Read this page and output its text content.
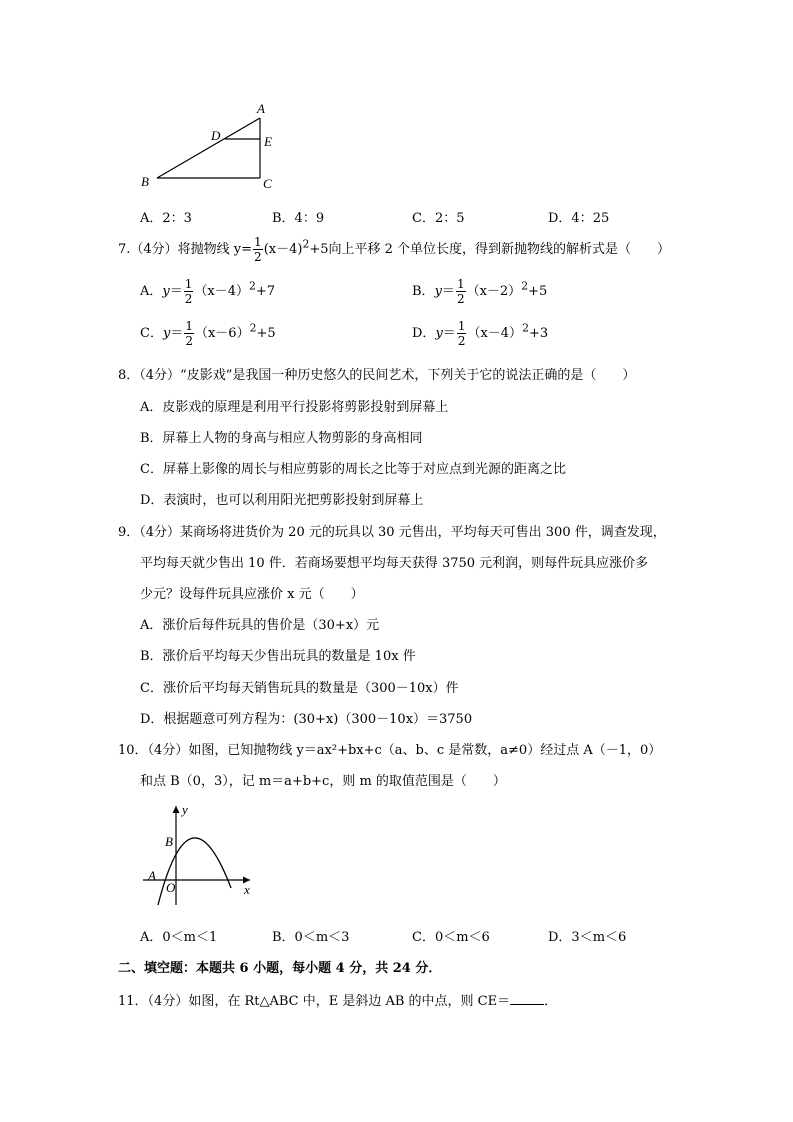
A
D	E
B	C
A．2：3	B．4：9	C．2：5	D．4：25
7.（4分）将抛物线 $y= \frac{1}{2} (x-4)^2+5$向上平移 2 个单位长度，得到新抛物线的解析式是（　　）
A．$y= \frac{1}{2} (x-4)^2+7$	B．$y= \frac{1}{2} (x-2)^2+5$
C．$y= \frac{1}{2} (x-6)^2+5$	D．$y= \frac{1}{2} (x-4)^2+3$
8．（4分）“皮影戏”是我国一种历史悠久的民间艺术，下列关于它的说法正确的是（　　）
A．皮影戏的原理是利用平行投影将剪影投射到屏幕上
B．屏幕上人物的身高与相应人物剪影的身高相同
C．屏幕上影像的周长与相应剪影的周长之比等于对应点到光源的距离之比
D．表演时，也可以利用阳光把剪影投射到屏幕上
9．（4分）某商场将进货价为 20 元的玩具以 30 元售出，平均每天可售出 300 件，调查发现，
平均每天就少售出 10 件．若商场要想平均每天获得 3750 元利润，则每件玩具应涨价多
少元？设每件玩具应涨价 x 元（　　）
A．涨价后每件玩具的售价是（30+x）元
B．涨价后平均每天少售出玩具的数量是 10x 件
C．涨价后平均每天销售玩具的数量是（300－10x）件
D．根据题意可列方程为：(30+x)（300－10x）＝3750
10．（4分）如图，已知抛物线 y＝ax²+bx+c（a、b、c 是常数，a≠0）经过点 A（－1，0）
和点 B（0，3），记 m＝a+b+c，则 m 的取值范围是（　　）
y
x
B
A
O
A．0＜m＜1	B．0＜m＜3	C．0＜m＜6	D．3＜m＜6
二、填空题：本题共 6 小题，每小题 4 分，共 24 分．
11．（4分）如图，在 Rt△ABC 中，E 是斜边 AB 的中点，则 CE＝	．
